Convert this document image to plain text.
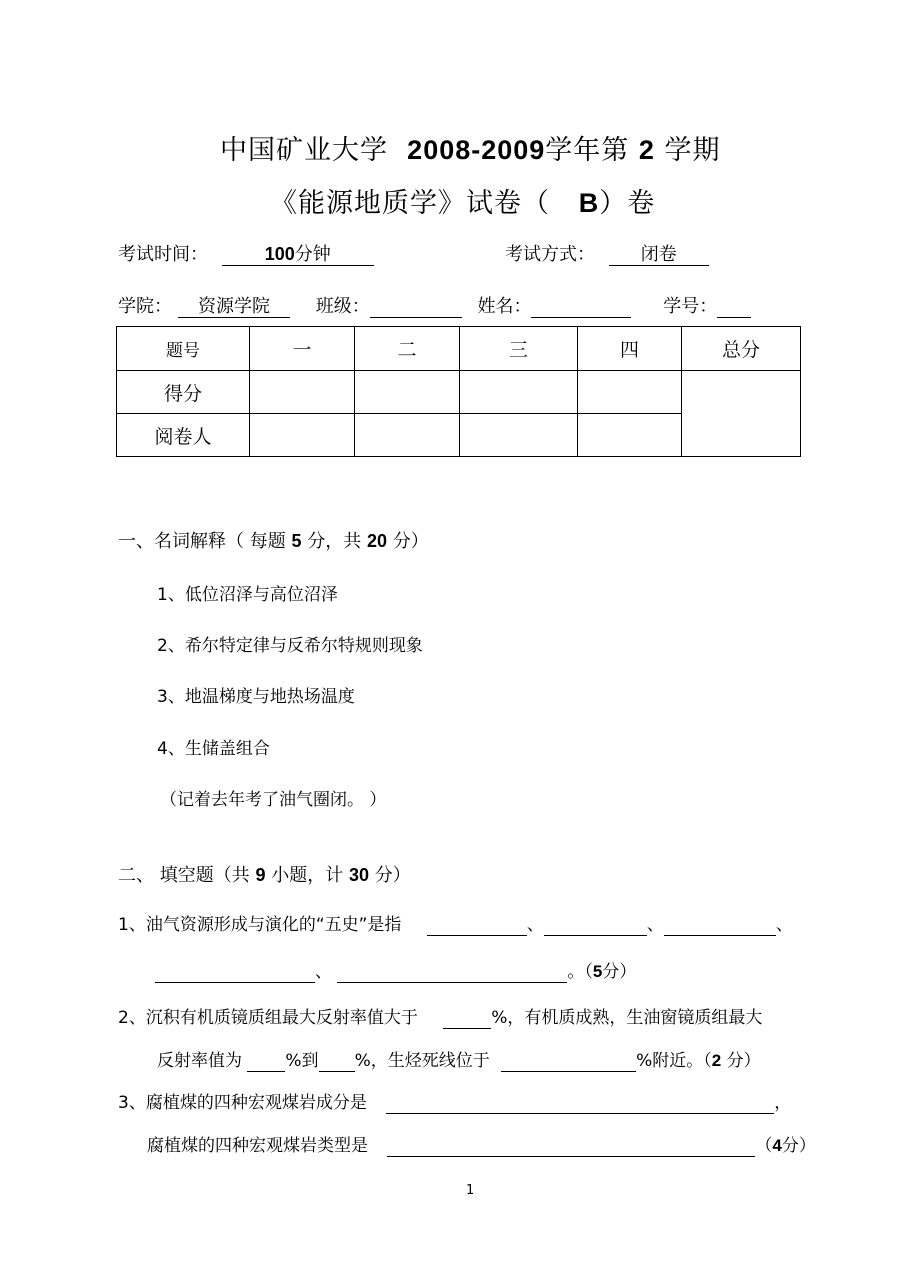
中国矿业大学 2008-2009学年第 2 学期
《能源地质学》试卷（ B）卷
考试时间：	100分钟	考试方式：	闭卷
学院： 资源学院	班级：	姓名：	学号：
题号	一	二	三	四	总分
得分					
阅卷人					
一、名词解释（ 每题 5 分，共 20 分）
1、低位沼泽与高位沼泽
2、希尔特定律与反希尔特规则现象
3、地温梯度与地热场温度
4、生储盖组合
（记着去年考了油气圈闭。 ）
二、 填空题（共 9 小题，计 30 分）
1、油气资源形成与演化的“五史”是指	、	、	、
、	。（5分）
2、沉积有机质镜质组最大反射率值大于	%，有机质成熟，生油窗镜质组最大
反射率值为	%到 %，生烃死线位于	%附近。（2 分）
3、腐植煤的四种宏观煤岩成分是	，
腐植煤的四种宏观煤岩类型是	（4分）
1
